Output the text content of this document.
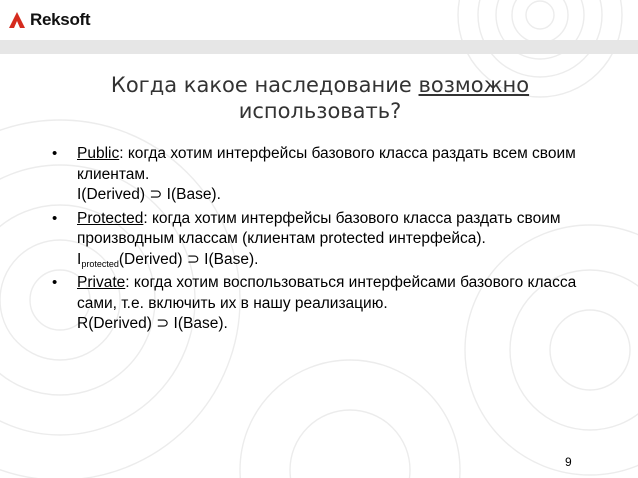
Reksoft
Когда какое наследование возможно
использовать?
• Public: когда хотим интерфейсы базового класса раздать всем своим клиентам.
I(Derived) ⊃ I(Base).
• Protected: когда хотим интерфейсы базового класса раздать своим производным классам (клиентам protected интерфейса).
$I_{protected}(Derived)$ ⊃ I(Base).
• Private: когда хотим воспользоваться интерфейсами базового класса сами, т.е. включить их в нашу реализацию.
R(Derived) ⊃ I(Base).
9
